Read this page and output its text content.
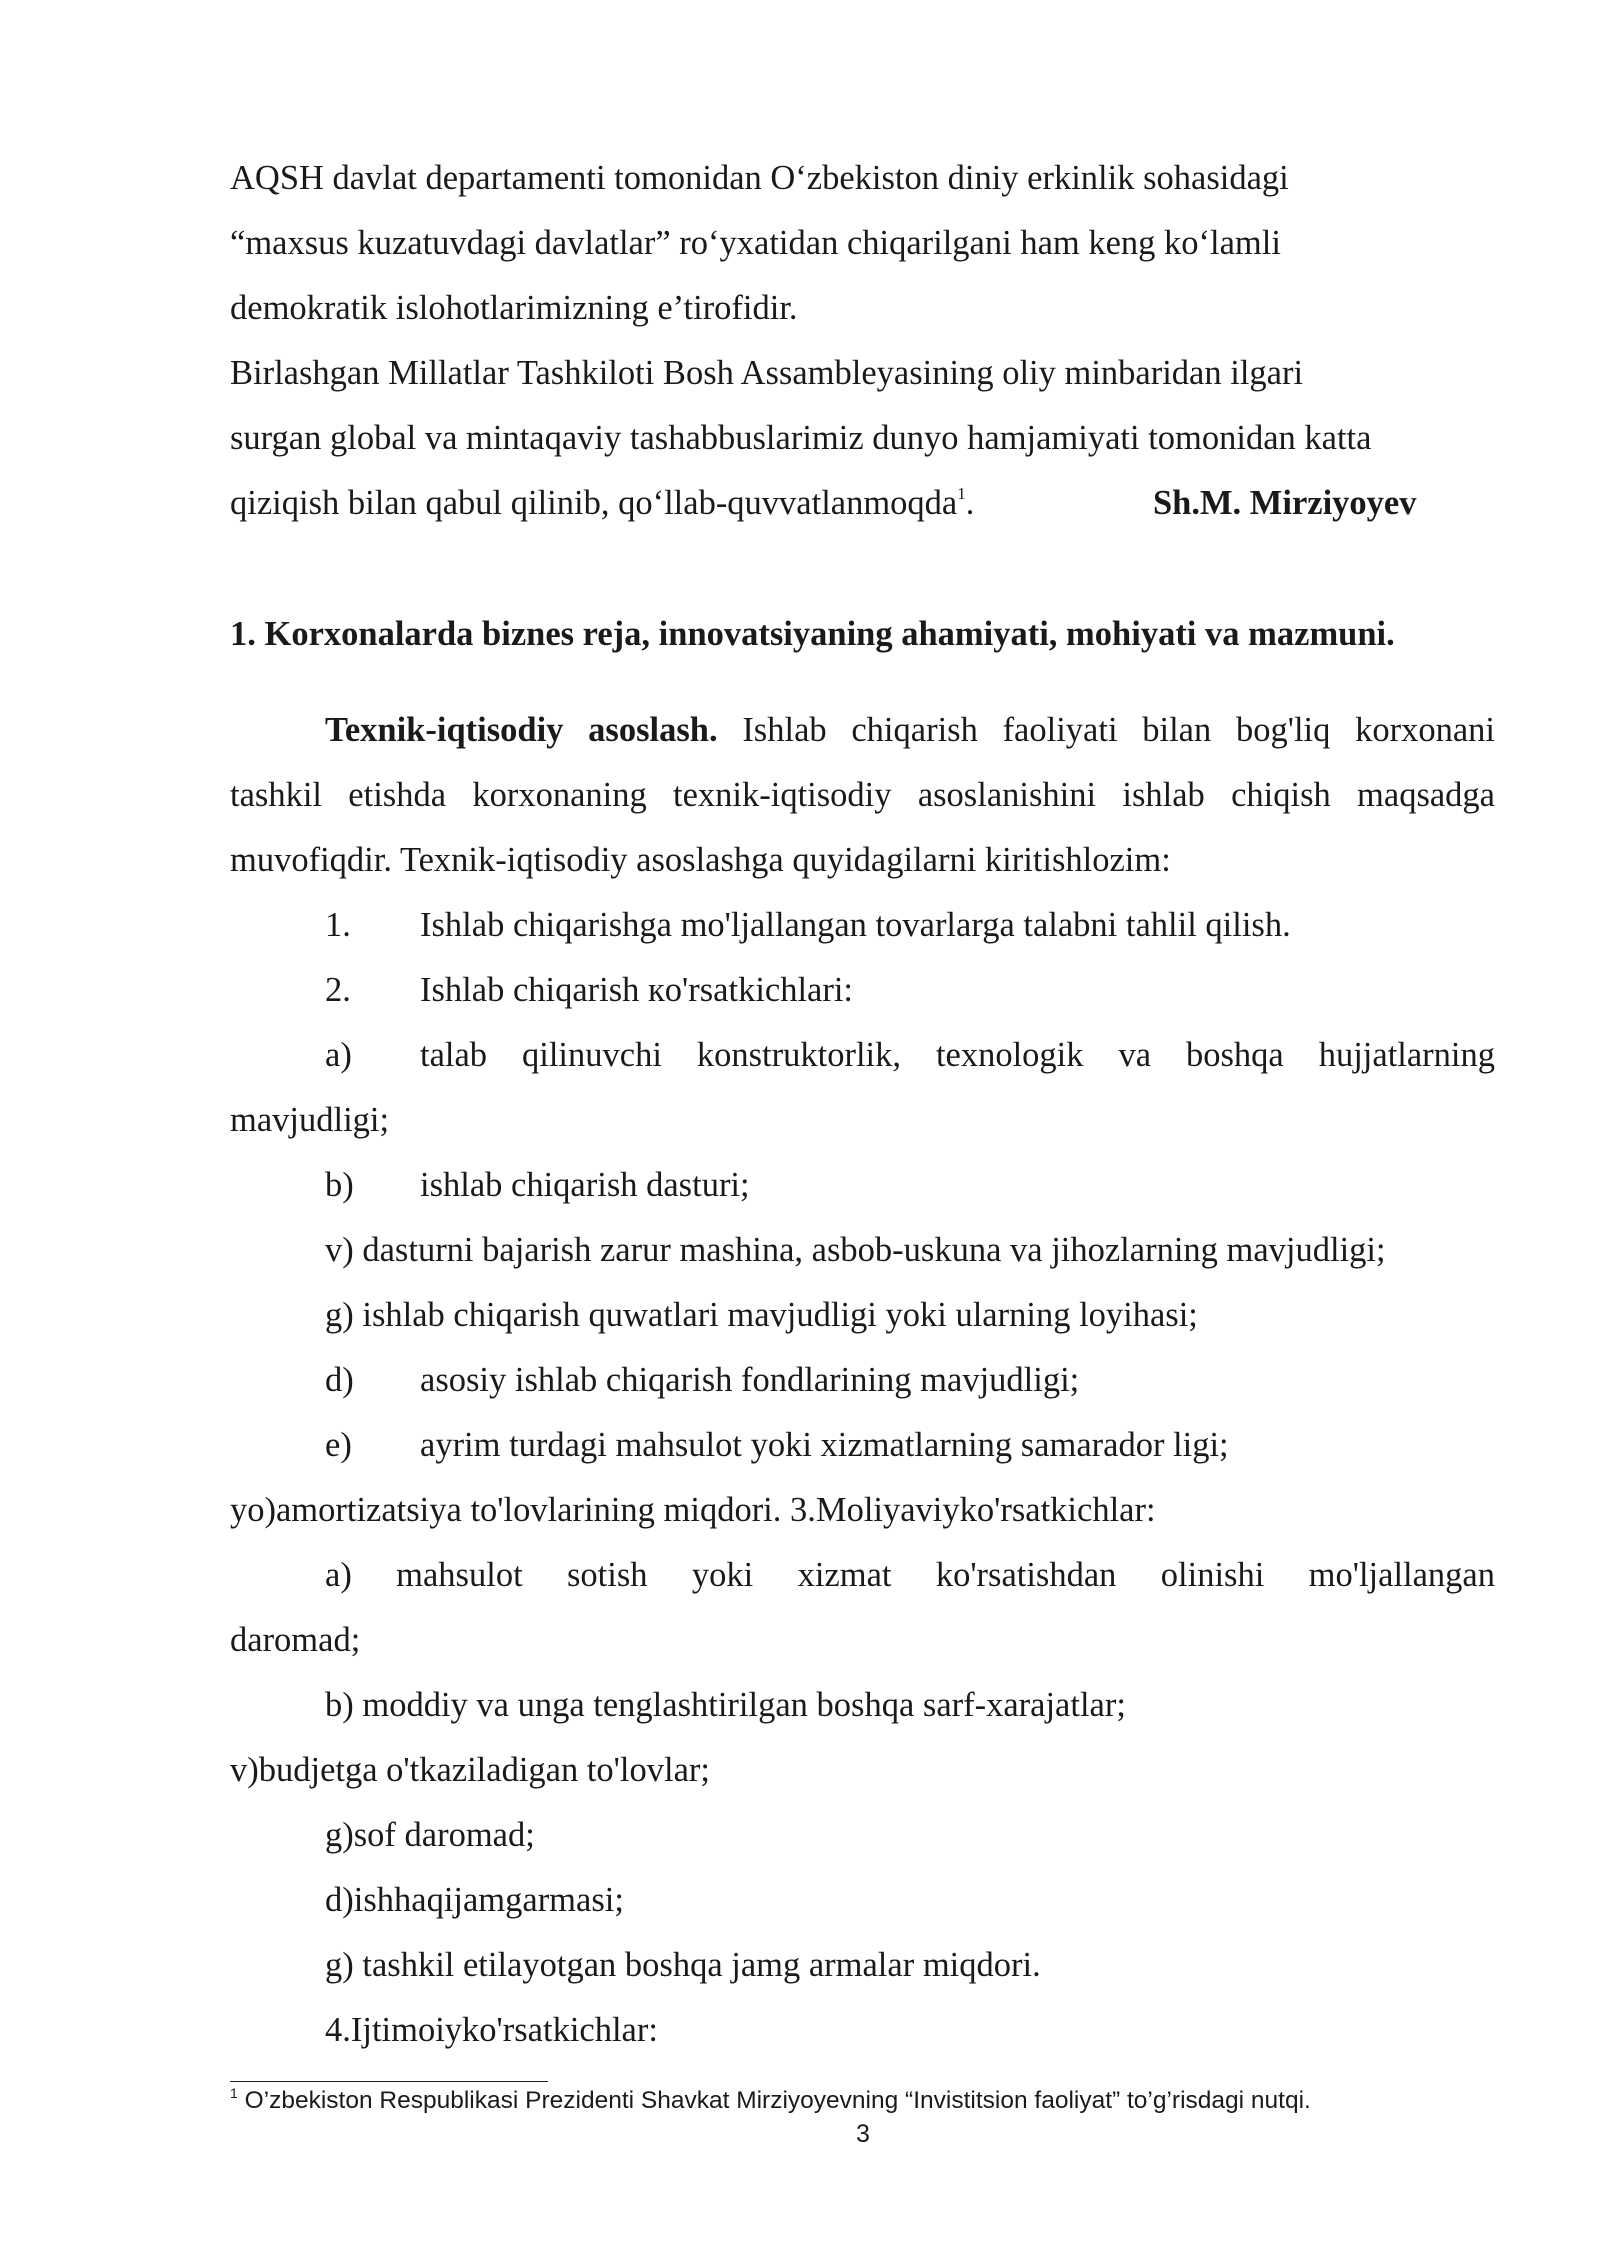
AQSH davlat departamenti tomonidan O‘zbekiston diniy erkinlik sohasidagi
“maxsus kuzatuvdagi davlatlar” ro‘yxatidan chiqarilgani ham keng ko‘lamli
demokratik islohotlarimizning e’tirofidir.
Birlashgan Millatlar Tashkiloti Bosh Assambleyasining oliy minbaridan ilgari
surgan global va mintaqaviy tashabbuslarimiz dunyo hamjamiyati tomonidan katta
qiziqish bilan qabul qilinib, qo‘llab-quvvatlanmoqda$^1$.	Sh.M. Mirziyoyev
1. Korxonalarda biznes reja, innovatsiyaning ahamiyati, mohiyati va mazmuni.
Texnik-iqtisodiy asoslash. Ishlab chiqarish faoliyati bilan bog'liq korxonani
tashkil etishda korxonaning texnik-iqtisodiy asoslanishini ishlab chiqish maqsadga
muvofiqdir. Texnik-iqtisodiy asoslashga quyidagilarni kiritishlozim:
1. Ishlab chiqarishga mo'ljallangan tovarlarga talabni tahlil qilish.
2. Ishlab chiqarish кo'rsatkichlari:
a)	talab qilinuvchi konstruktorlik, texnologik va boshqa hujjatlarning
mavjudligi;
b) ishlab chiqarish dasturi;
v) dasturni bajarish zarur mashina, asbob-uskuna va jihozlarning mavjudligi;
g) ishlab chiqarish quwatlari mavjudligi yoki ularning loyihasi;
d) asosiy ishlab chiqarish fondlarining mavjudligi;
e) ayrim turdagi mahsulot yoki xizmatlarning samarador ligi;
yo)amortizatsiya to'lovlarining miqdori. 3.Moliyaviyko'rsatkichlar:
a) mahsulot sotish yoki xizmat ko'rsatishdan olinishi mo'ljallangan
daromad;
b) moddiy va unga tenglashtirilgan boshqa sarf-xarajatlar;
v)budjetga o'tkaziladigan to'lovlar;
g)sof daromad;
d)ishhaqijamgarmasi;
g) tashkil etilayotgan boshqa jamg armalar miqdori.
4.Ijtimoiyko'rsatkichlar:
$^1$ O’zbekiston Respublikasi Prezidenti Shavkat Mirziyoyevning “Invistitsion faoliyat” to’g’risdagi nutqi.
3
